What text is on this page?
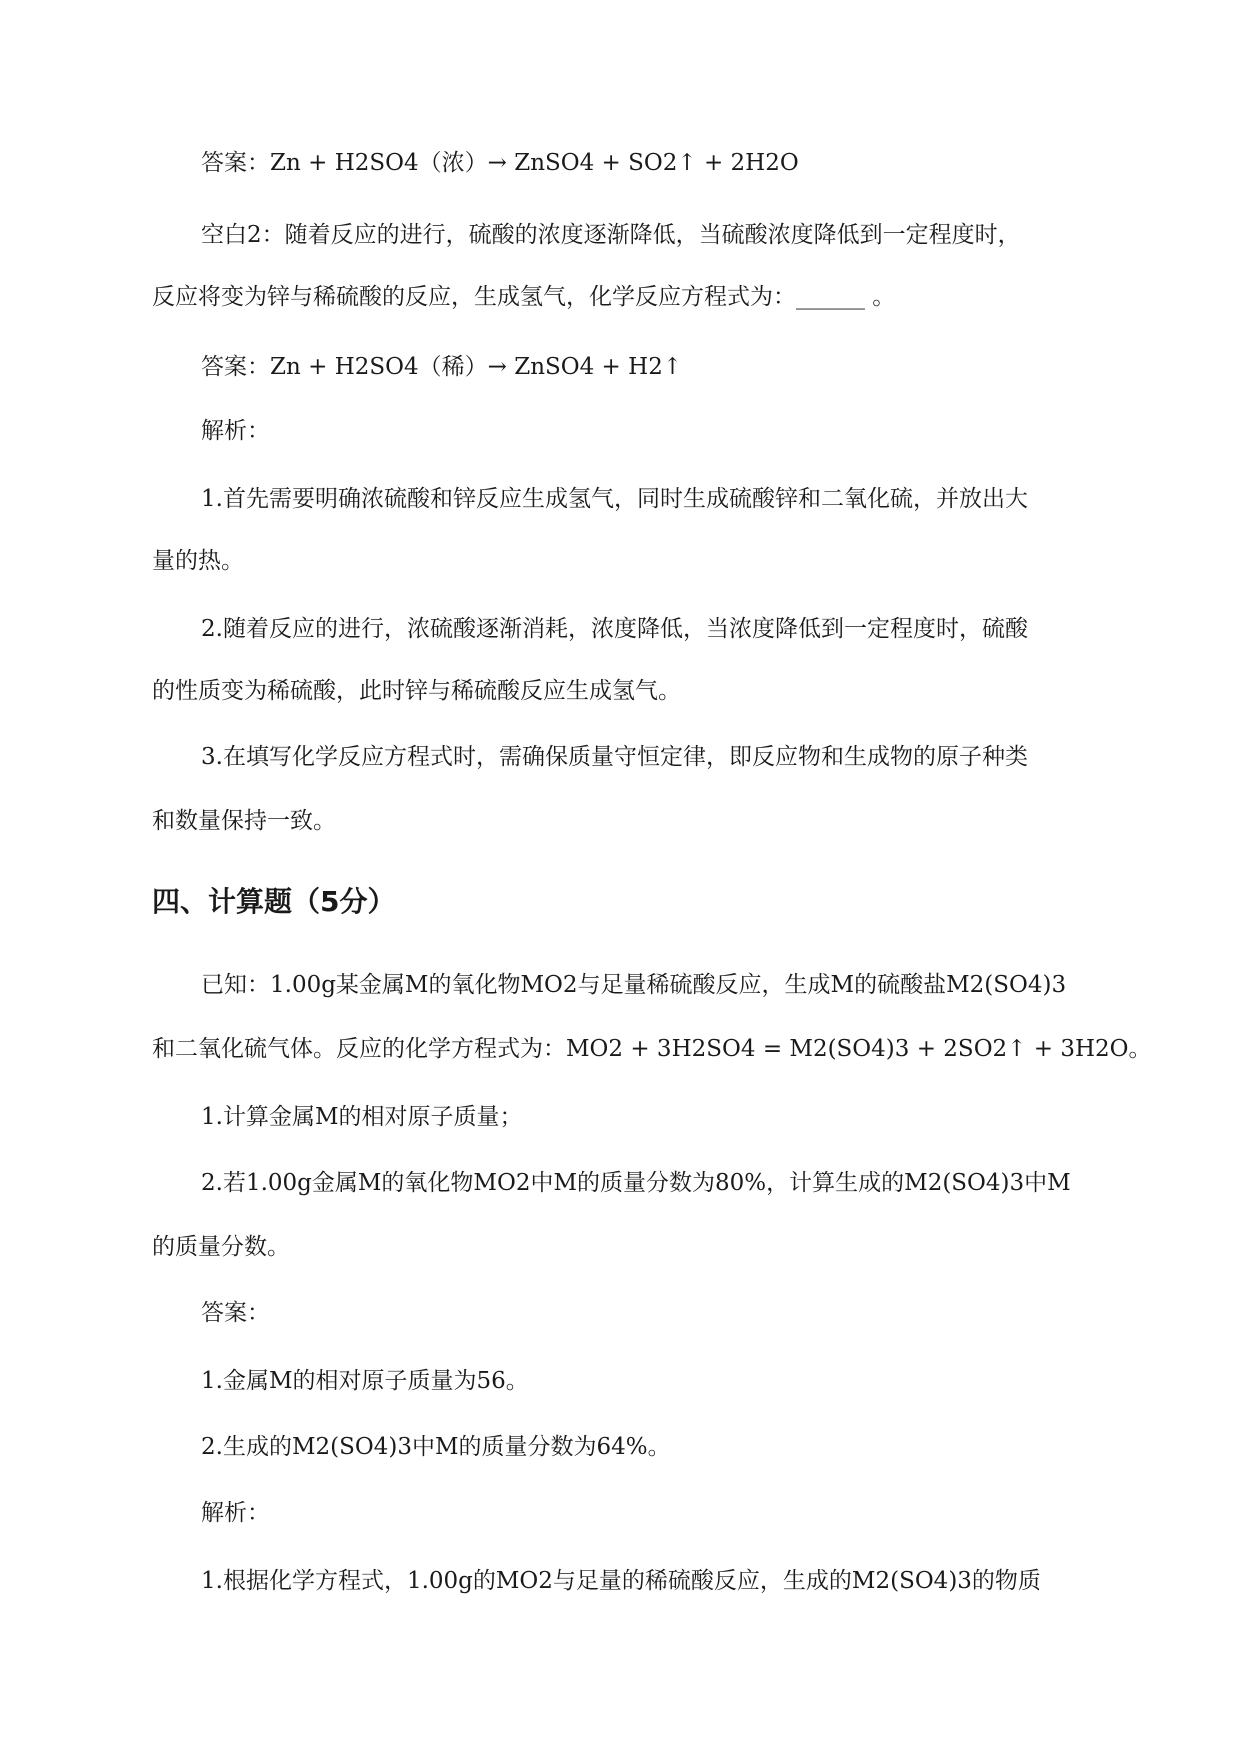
答案：Zn + H2SO4（浓）→ ZnSO4 + SO2↑ + 2H2O
空白2：随着反应的进行，硫酸的浓度逐渐降低，当硫酸浓度降低到一定程度时，
反应将变为锌与稀硫酸的反应，生成氢气，化学反应方程式为：______ 。
答案：Zn + H2SO4（稀）→ ZnSO4 + H2↑
解析：
1.首先需要明确浓硫酸和锌反应生成氢气，同时生成硫酸锌和二氧化硫，并放出大
量的热。
2.随着反应的进行，浓硫酸逐渐消耗，浓度降低，当浓度降低到一定程度时，硫酸
的性质变为稀硫酸，此时锌与稀硫酸反应生成氢气。
3.在填写化学反应方程式时，需确保质量守恒定律，即反应物和生成物的原子种类
和数量保持一致。
四、计算题（5分）
已知：1.00g某金属M的氧化物MO2与足量稀硫酸反应，生成M的硫酸盐M2(SO4)3
和二氧化硫气体。反应的化学方程式为：MO2 + 3H2SO4 = M2(SO4)3 + 2SO2↑ + 3H2O。
1.计算金属M的相对原子质量；
2.若1.00g金属M的氧化物MO2中M的质量分数为80%，计算生成的M2(SO4)3中M
的质量分数。
答案：
1.金属M的相对原子质量为56。
2.生成的M2(SO4)3中M的质量分数为64%。
解析：
1.根据化学方程式，1.00g的MO2与足量的稀硫酸反应，生成的M2(SO4)3的物质
